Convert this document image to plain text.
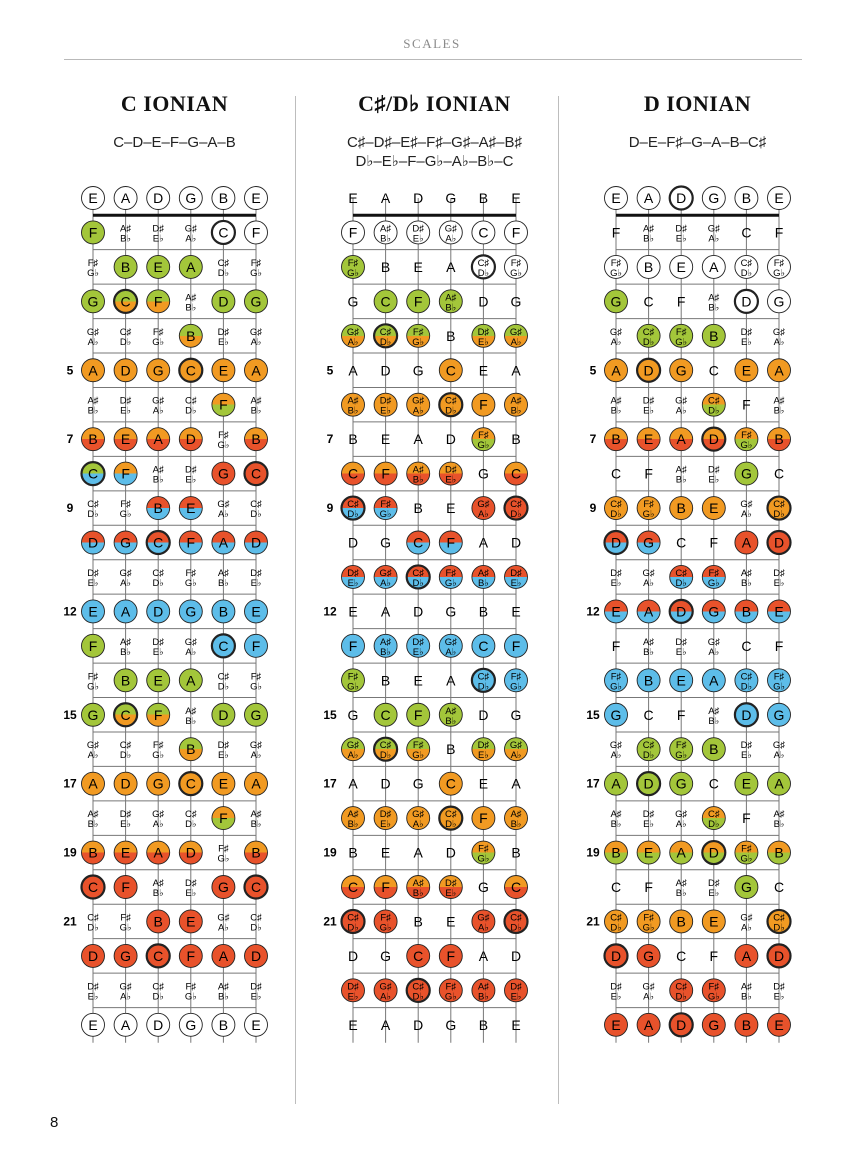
SCALES
C IONIAN
C–D–E–F–G–A–B
E A D G B E
F A♯
B♭
D♯
E♭
G♯
A♭ C F
F♯
G♭ B E A C♯
D♭
F♯
G♭
G C F A♯
B♭ D G
G♯
A♭
C♯
D♭
F♯
G♭ B D♯
E♭
G♯
A♭
5 A D G C E A
A♯
B♭
D♯
E♭
G♯
A♭
C♯
D♭ F A♯
B♭
7 B E A D F♯
G♭ B
C F A♯
B♭
D♯
E♭ G C
9 C♯
D♭
F♯
G♭ B E G♯
A♭
C♯
D♭
D G C F A D
D♯
E♭
G♯
A♭
C♯
D♭
F♯
G♭
A♯
B♭
D♯
E♭
12 E A D G B E
F A♯
B♭
D♯
E♭
G♯
A♭ C F
F♯
G♭ B E A C♯
D♭
F♯
G♭
15 G C F A♯
B♭ D G
G♯
A♭
C♯
D♭
F♯
G♭ B D♯
E♭
G♯
A♭
17 A D G C E A
A♯
B♭
D♯
E♭
G♯
A♭
C♯
D♭ F A♯
B♭
19 B E A D F♯
G♭ B
C F A♯
B♭
D♯
E♭ G C
21 C♯
D♭
F♯
G♭ B E G♯
A♭
C♯
D♭
D G C F A D
D♯
E♭
G♯
A♭
C♯
D♭
F♯
G♭
A♯
B♭
D♯
E♭
E A D G B E
C♯/D♭ IONIAN
C♯–D♯–E♯–F♯–G♯–A♯–B♯
D♭–E♭–F–G♭–A♭–B♭–C
E A D G B E
F A♯
B♭
D♯
E♭
G♯
A♭ C F
F♯
G♭ B E A C♯
D♭
F♯
G♭
G C F A♯
B♭ D G
G♯
A♭
C♯
D♭
F♯
G♭ B D♯
E♭
G♯
A♭
5 A D G C E A
A♯
B♭
D♯
E♭
G♯
A♭
C♯
D♭ F A♯
B♭
7 B E A D F♯
G♭ B
C F A♯
B♭
D♯
E♭ G C
9 C♯
D♭
F♯
G♭ B E G♯
A♭
C♯
D♭
D G C F A D
D♯
E♭
G♯
A♭
C♯
D♭
F♯
G♭
A♯
B♭
D♯
E♭
12 E A D G B E
F A♯
B♭
D♯
E♭
G♯
A♭ C F
F♯
G♭ B E A C♯
D♭
F♯
G♭
15 G C F A♯
B♭ D G
G♯
A♭
C♯
D♭
F♯
G♭ B D♯
E♭
G♯
A♭
17 A D G C E A
A♯
B♭
D♯
E♭
G♯
A♭
C♯
D♭ F A♯
B♭
19 B E A D F♯
G♭ B
C F A♯
B♭
D♯
E♭ G C
21 C♯
D♭
F♯
G♭ B E G♯
A♭
C♯
D♭
D G C F A D
D♯
E♭
G♯
A♭
C♯
D♭
F♯
G♭
A♯
B♭
D♯
E♭
E A D G B E
D IONIAN
D–E–F♯–G–A–B–C♯
E A D G B E
F A♯
B♭
D♯
E♭
G♯
A♭ C F
F♯
G♭ B E A C♯
D♭
F♯
G♭
G C F A♯
B♭ D G
G♯
A♭
C♯
D♭
F♯
G♭ B D♯
E♭
G♯
A♭
5 A D G C E A
A♯
B♭
D♯
E♭
G♯
A♭
C♯
D♭ F A♯
B♭
7 B E A D F♯
G♭ B
C F A♯
B♭
D♯
E♭ G C
9 C♯
D♭
F♯
G♭ B E G♯
A♭
C♯
D♭
D G C F A D
D♯
E♭
G♯
A♭
C♯
D♭
F♯
G♭
A♯
B♭
D♯
E♭
12 E A D G B E
F A♯
B♭
D♯
E♭
G♯
A♭ C F
F♯
G♭ B E A C♯
D♭
F♯
G♭
15 G C F A♯
B♭ D G
G♯
A♭
C♯
D♭
F♯
G♭ B D♯
E♭
G♯
A♭
17 A D G C E A
A♯
B♭
D♯
E♭
G♯
A♭
C♯
D♭ F A♯
B♭
19 B E A D F♯
G♭ B
C F A♯
B♭
D♯
E♭ G C
21 C♯
D♭
F♯
G♭ B E G♯
A♭
C♯
D♭
D G C F A D
D♯
E♭
G♯
A♭
C♯
D♭
F♯
G♭
A♯
B♭
D♯
E♭
E A D G B E
8
